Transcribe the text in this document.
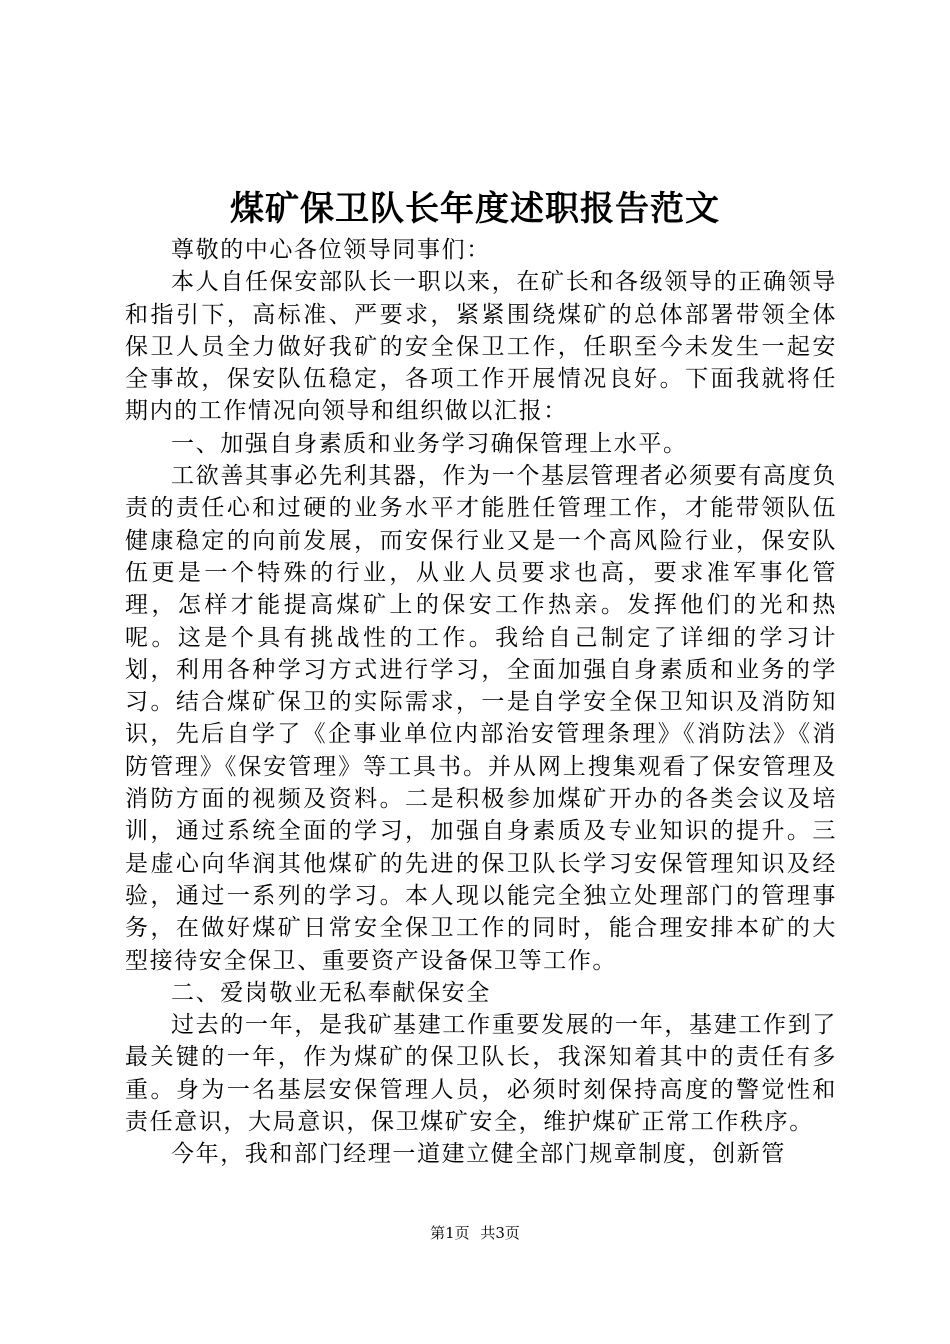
煤矿保卫队长年度述职报告范文

尊敬的中心各位领导同事们：

本人自任保安部队长一职以来，在矿长和各级领导的正确领导和指引下，高标准、严要求，紧紧围绕煤矿的总体部署带领全体保卫人员全力做好我矿的安全保卫工作，任职至今未发生一起安全事故，保安队伍稳定，各项工作开展情况良好。下面我就将任期内的工作情况向领导和组织做以汇报：

一、加强自身素质和业务学习确保管理上水平。

工欲善其事必先利其器，作为一个基层管理者必须要有高度负责的责任心和过硬的业务水平才能胜任管理工作，才能带领队伍健康稳定的向前发展，而安保行业又是一个高风险行业，保安队伍更是一个特殊的行业，从业人员要求也高，要求准军事化管理，怎样才能提高煤矿上的保安工作热亲。发挥他们的光和热呢。这是个具有挑战性的工作。我给自己制定了详细的学习计划，利用各种学习方式进行学习，全面加强自身素质和业务的学习。结合煤矿保卫的实际需求，一是自学安全保卫知识及消防知识，先后自学了《企事业单位内部治安管理条理》《消防法》《消防管理》《保安管理》等工具书。并从网上搜集观看了保安管理及消防方面的视频及资料。二是积极参加煤矿开办的各类会议及培训，通过系统全面的学习，加强自身素质及专业知识的提升。三是虚心向华润其他煤矿的先进的保卫队长学习安保管理知识及经验，通过一系列的学习。本人现以能完全独立处理部门的管理事务，在做好煤矿日常安全保卫工作的同时，能合理安排本矿的大型接待安全保卫、重要资产设备保卫等工作。

二、爱岗敬业无私奉献保安全

过去的一年，是我矿基建工作重要发展的一年，基建工作到了最关键的一年，作为煤矿的保卫队长，我深知着其中的责任有多重。身为一名基层安保管理人员，必须时刻保持高度的警觉性和责任意识，大局意识，保卫煤矿安全，维护煤矿正常工作秩序。

今年，我和部门经理一道建立健全部门规章制度，创新管

第1页 共3页
